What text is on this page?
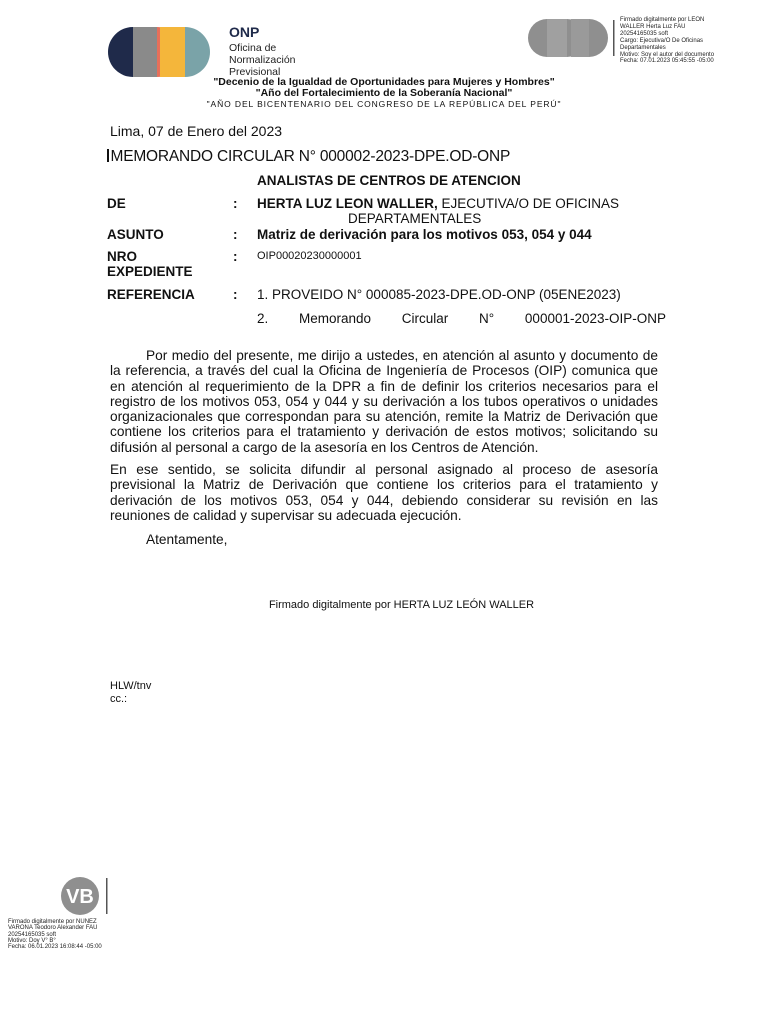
ONP
Oficina de
Normalización
Previsional
Firmado digitalmente por LEON
WALLER Herta Luz FAU
20254165035 soft
Cargo: Ejecutiva/O De Oficinas
Departamentales
Motivo: Soy el autor del documento
Fecha: 07.01.2023 05:45:55 -05:00
"Decenio de la Igualdad de Oportunidades para Mujeres y Hombres"
"Año del Fortalecimiento de la Soberanía Nacional"
"AÑO DEL BICENTENARIO DEL CONGRESO DE LA REPÚBLICA DEL PERÚ"
Lima, 07 de Enero del 2023
MEMORANDO CIRCULAR N° 000002-2023-DPE.OD-ONP
ANALISTAS DE CENTROS DE ATENCION
DE	: HERTA LUZ LEON WALLER, EJECUTIVA/O DE OFICINAS
DEPARTAMENTALES
ASUNTO	: Matriz de derivación para los motivos 053, 054 y 044
NRO
EXPEDIENTE
: OIP00020230000001
REFERENCIA	: 1. PROVEIDO N° 000085-2023-DPE.OD-ONP (05ENE2023)
2. Memorando Circular N° 000001-2023-OIP-ONP

Por medio del presente, me dirijo a ustedes, en atención al asunto y documento de la referencia, a través del cual la Oficina de Ingeniería de Procesos (OIP) comunica que en atención al requerimiento de la DPR a fin de definir los criterios necesarios para el registro de los motivos 053, 054 y 044 y su derivación a los tubos operativos o unidades organizacionales que correspondan para su atención, remite la Matriz de Derivación que contiene los criterios para el tratamiento y derivación de estos motivos; solicitando su difusión al personal a cargo de la asesoría en los Centros de Atención.

En ese sentido, se solicita difundir al personal asignado al proceso de asesoría previsional la Matriz de Derivación que contiene los criterios para el tratamiento y derivación de los motivos 053, 054 y 044, debiendo considerar su revisión en las reuniones de calidad y supervisar su adecuada ejecución.

Atentamente,

Firmado digitalmente por HERTA LUZ LEÓN WALLER
HLW/tnv
cc.:
VB
Firmado digitalmente por NUNEZ
VARONA Teodoro Alexander FAU
20254165035 soft
Motivo: Doy V° B°
Fecha: 06.01.2023 16:08:44 -05:00
